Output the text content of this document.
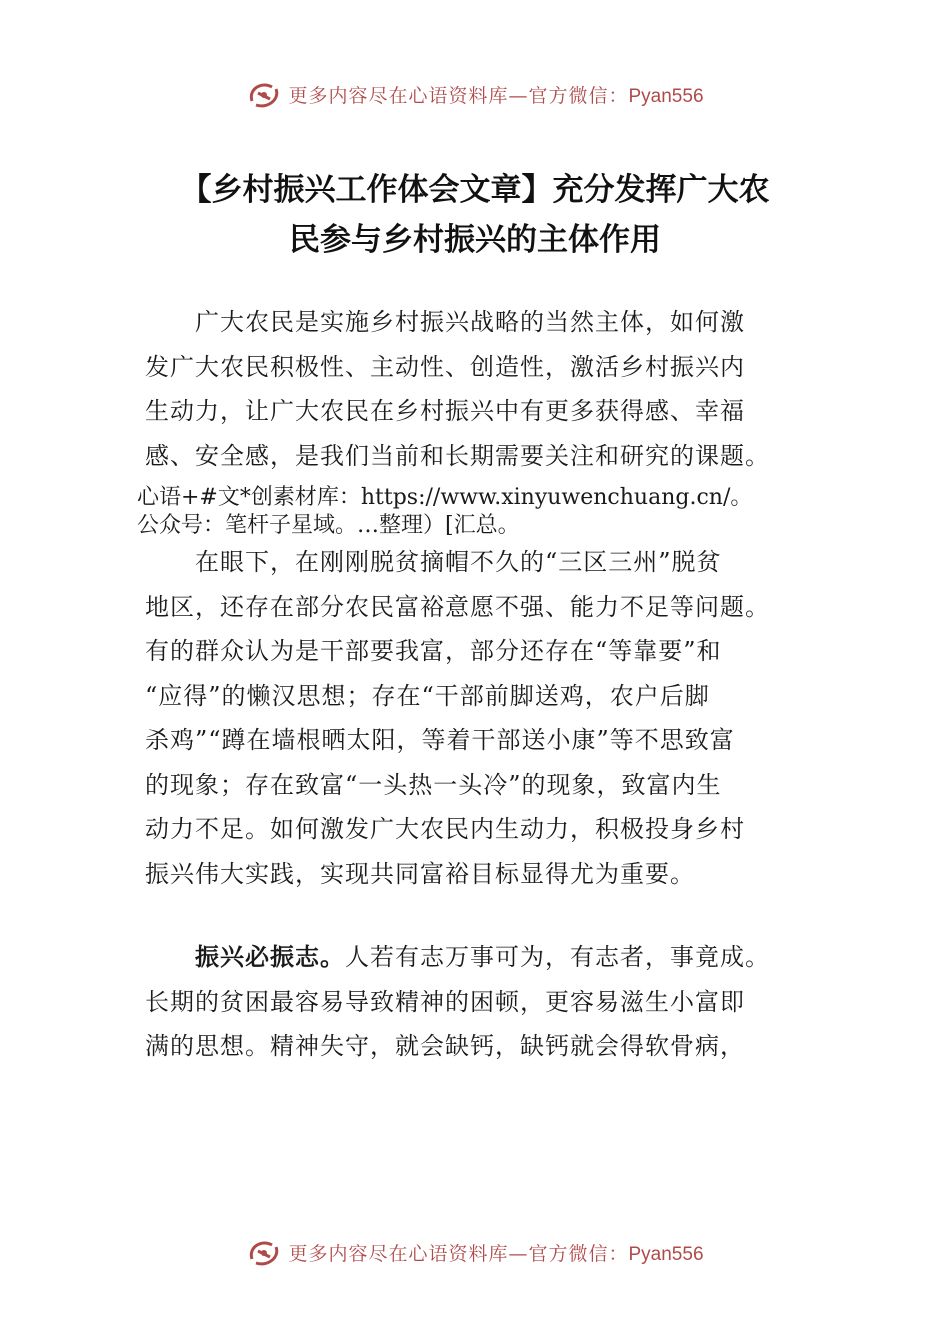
更多内容尽在心语资料库—官方微信：Pyan556
【乡村振兴工作体会文章】充分发挥广大农
民参与乡村振兴的主体作用
　　广大农民是实施乡村振兴战略的当然主体，如何激
发广大农民积极性、主动性、创造性，激活乡村振兴内
生动力，让广大农民在乡村振兴中有更多获得感、幸福
感、安全感，是我们当前和长期需要关注和研究的课题。
心语+#文*创素材库：https://www.xinyuwenchuang.cn/。
公众号：笔杆子星域。…整理）[汇总。
　　在眼下，在刚刚脱贫摘帽不久的“三区三州”脱贫
地区，还存在部分农民富裕意愿不强、能力不足等问题。
有的群众认为是干部要我富，部分还存在“等靠要”和
“应得”的懒汉思想；存在“干部前脚送鸡，农户后脚
杀鸡”“蹲在墙根晒太阳，等着干部送小康”等不思致富
的现象；存在致富“一头热一头冷”的现象，致富内生
动力不足。如何激发广大农民内生动力，积极投身乡村
振兴伟大实践，实现共同富裕目标显得尤为重要。
　　振兴必振志。人若有志万事可为，有志者，事竟成。
长期的贫困最容易导致精神的困顿，更容易滋生小富即
满的思想。精神失守，就会缺钙，缺钙就会得软骨病，
更多内容尽在心语资料库—官方微信：Pyan556
